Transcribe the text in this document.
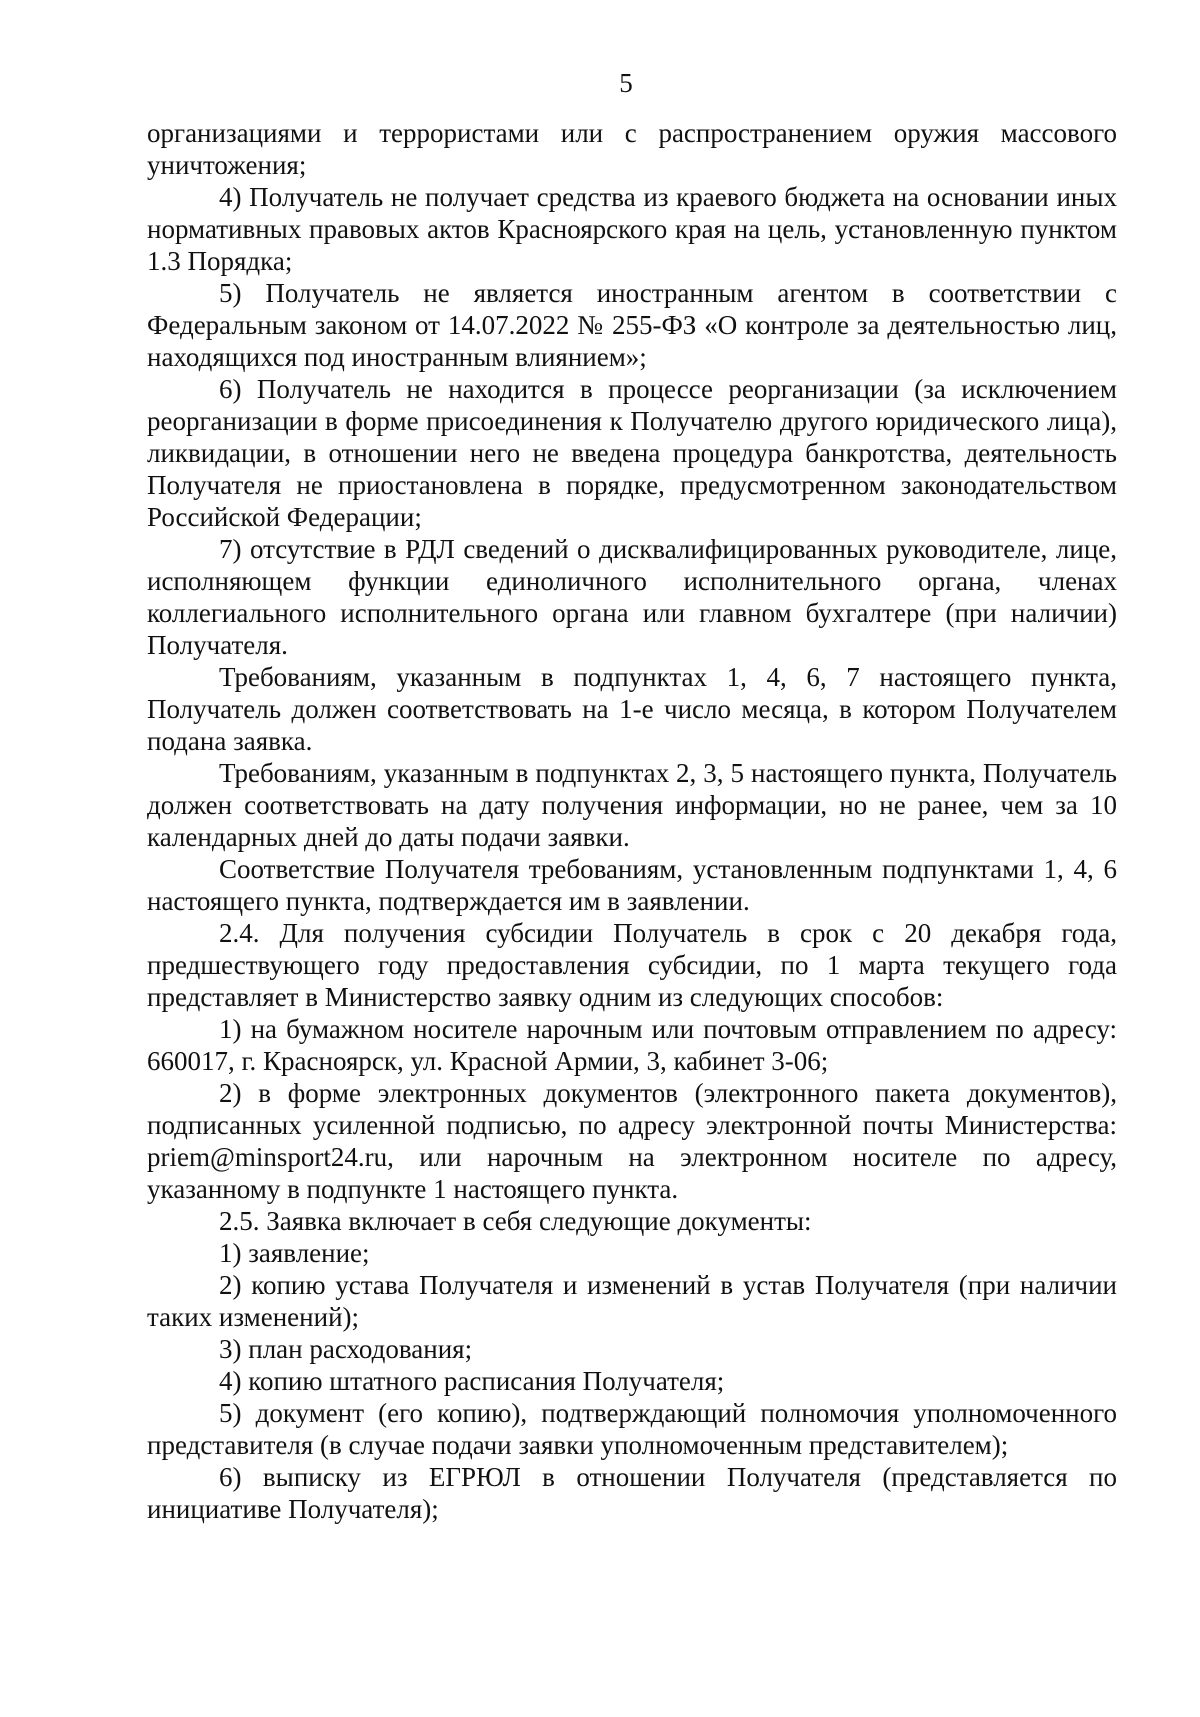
5

организациями и террористами или с распространением оружия массового уничтожения;

4) Получатель не получает средства из краевого бюджета на основании иных нормативных правовых актов Красноярского края на цель, установленную пунктом 1.3 Порядка;

5) Получатель не является иностранным агентом в соответствии с Федеральным законом от 14.07.2022 № 255-ФЗ «О контроле за деятельностью лиц, находящихся под иностранным влиянием»;

6) Получатель не находится в процессе реорганизации (за исключением реорганизации в форме присоединения к Получателю другого юридического лица), ликвидации, в отношении него не введена процедура банкротства, деятельность Получателя не приостановлена в порядке, предусмотренном законодательством Российской Федерации;

7) отсутствие в РДЛ сведений о дисквалифицированных руководителе, лице, исполняющем функции единоличного исполнительного органа, членах коллегиального исполнительного органа или главном бухгалтере (при наличии) Получателя.

Требованиям, указанным в подпунктах 1, 4, 6, 7 настоящего пункта, Получатель должен соответствовать на 1-е число месяца, в котором Получателем подана заявка.

Требованиям, указанным в подпунктах 2, 3, 5 настоящего пункта, Получатель должен соответствовать на дату получения информации, но не ранее, чем за 10 календарных дней до даты подачи заявки.

Соответствие Получателя требованиям, установленным подпунктами 1, 4, 6 настоящего пункта, подтверждается им в заявлении.

2.4. Для получения субсидии Получатель в срок с 20 декабря года, предшествующего году предоставления субсидии, по 1 марта текущего года представляет в Министерство заявку одним из следующих способов:

1) на бумажном носителе нарочным или почтовым отправлением по адресу: 660017, г. Красноярск, ул. Красной Армии, 3, кабинет 3-06;

2) в форме электронных документов (электронного пакета документов), подписанных усиленной подписью, по адресу электронной почты Министерства: priem@minsport24.ru, или нарочным на электронном носителе по адресу, указанному в подпункте 1 настоящего пункта.

2.5. Заявка включает в себя следующие документы:

1) заявление;

2) копию устава Получателя и изменений в устав Получателя (при наличии таких изменений);

3) план расходования;

4) копию штатного расписания Получателя;

5) документ (его копию), подтверждающий полномочия уполномоченного представителя (в случае подачи заявки уполномоченным представителем);

6) выписку из ЕГРЮЛ в отношении Получателя (представляется по инициативе Получателя);
